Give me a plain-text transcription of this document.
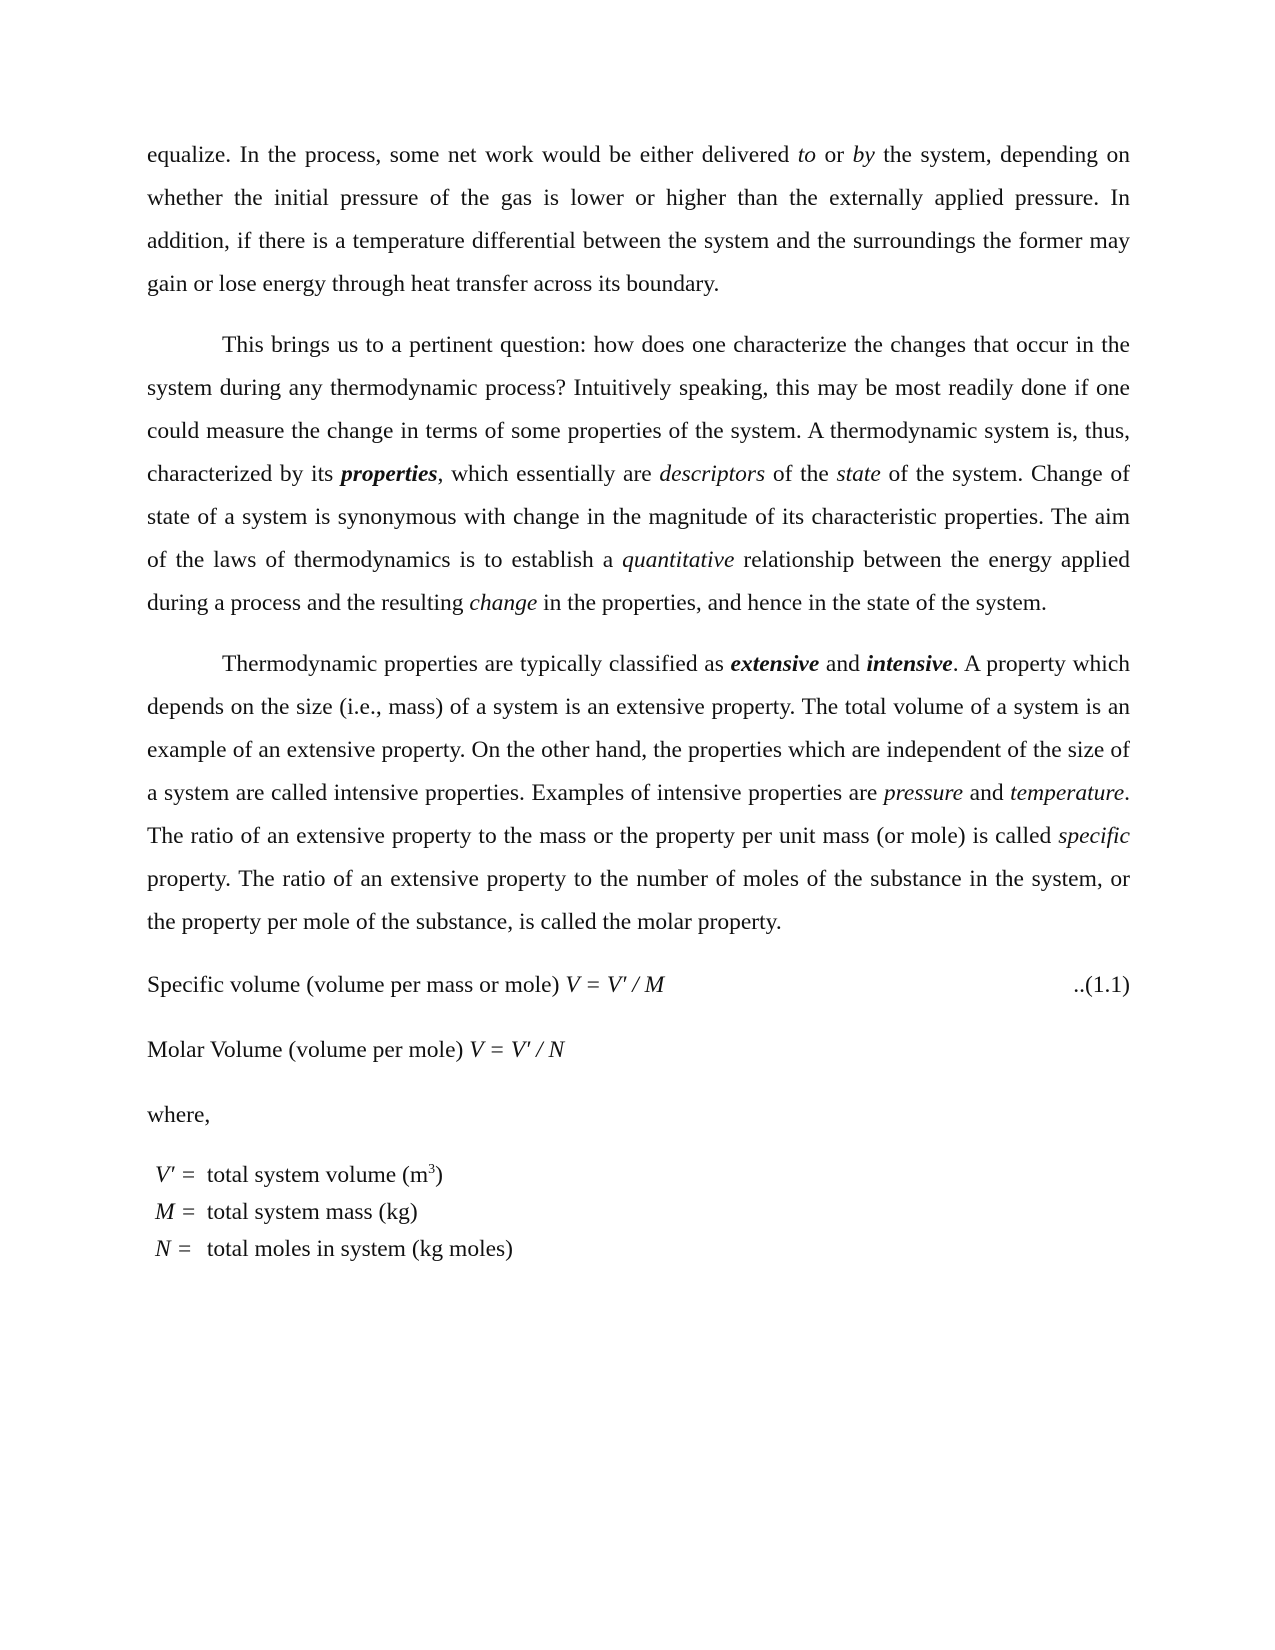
equalize. In the process, some net work would be either delivered to or by the system, depending on whether the initial pressure of the gas is lower or higher than the externally applied pressure. In addition, if there is a temperature differential between the system and the surroundings the former may gain or lose energy through heat transfer across its boundary.

This brings us to a pertinent question: how does one characterize the changes that occur in the system during any thermodynamic process? Intuitively speaking, this may be most readily done if one could measure the change in terms of some properties of the system. A thermodynamic system is, thus, characterized by its properties, which essentially are descriptors of the state of the system. Change of state of a system is synonymous with change in the magnitude of its characteristic properties. The aim of the laws of thermodynamics is to establish a quantitative relationship between the energy applied during a process and the resulting change in the properties, and hence in the state of the system.

Thermodynamic properties are typically classified as extensive and intensive. A property which depends on the size (i.e., mass) of a system is an extensive property. The total volume of a system is an example of an extensive property. On the other hand, the properties which are independent of the size of a system are called intensive properties. Examples of intensive properties are pressure and temperature. The ratio of an extensive property to the mass or the property per unit mass (or mole) is called specific property. The ratio of an extensive property to the number of moles of the substance in the system, or the property per mole of the substance, is called the molar property.

Specific volume (volume per mass or mole) V = V′ / M	..(1.1)

Molar Volume (volume per mole) V = V′ / N

where,

V′ = total system volume $(m^3)$
M = total system mass (kg)
N = total moles in system (kg moles)
